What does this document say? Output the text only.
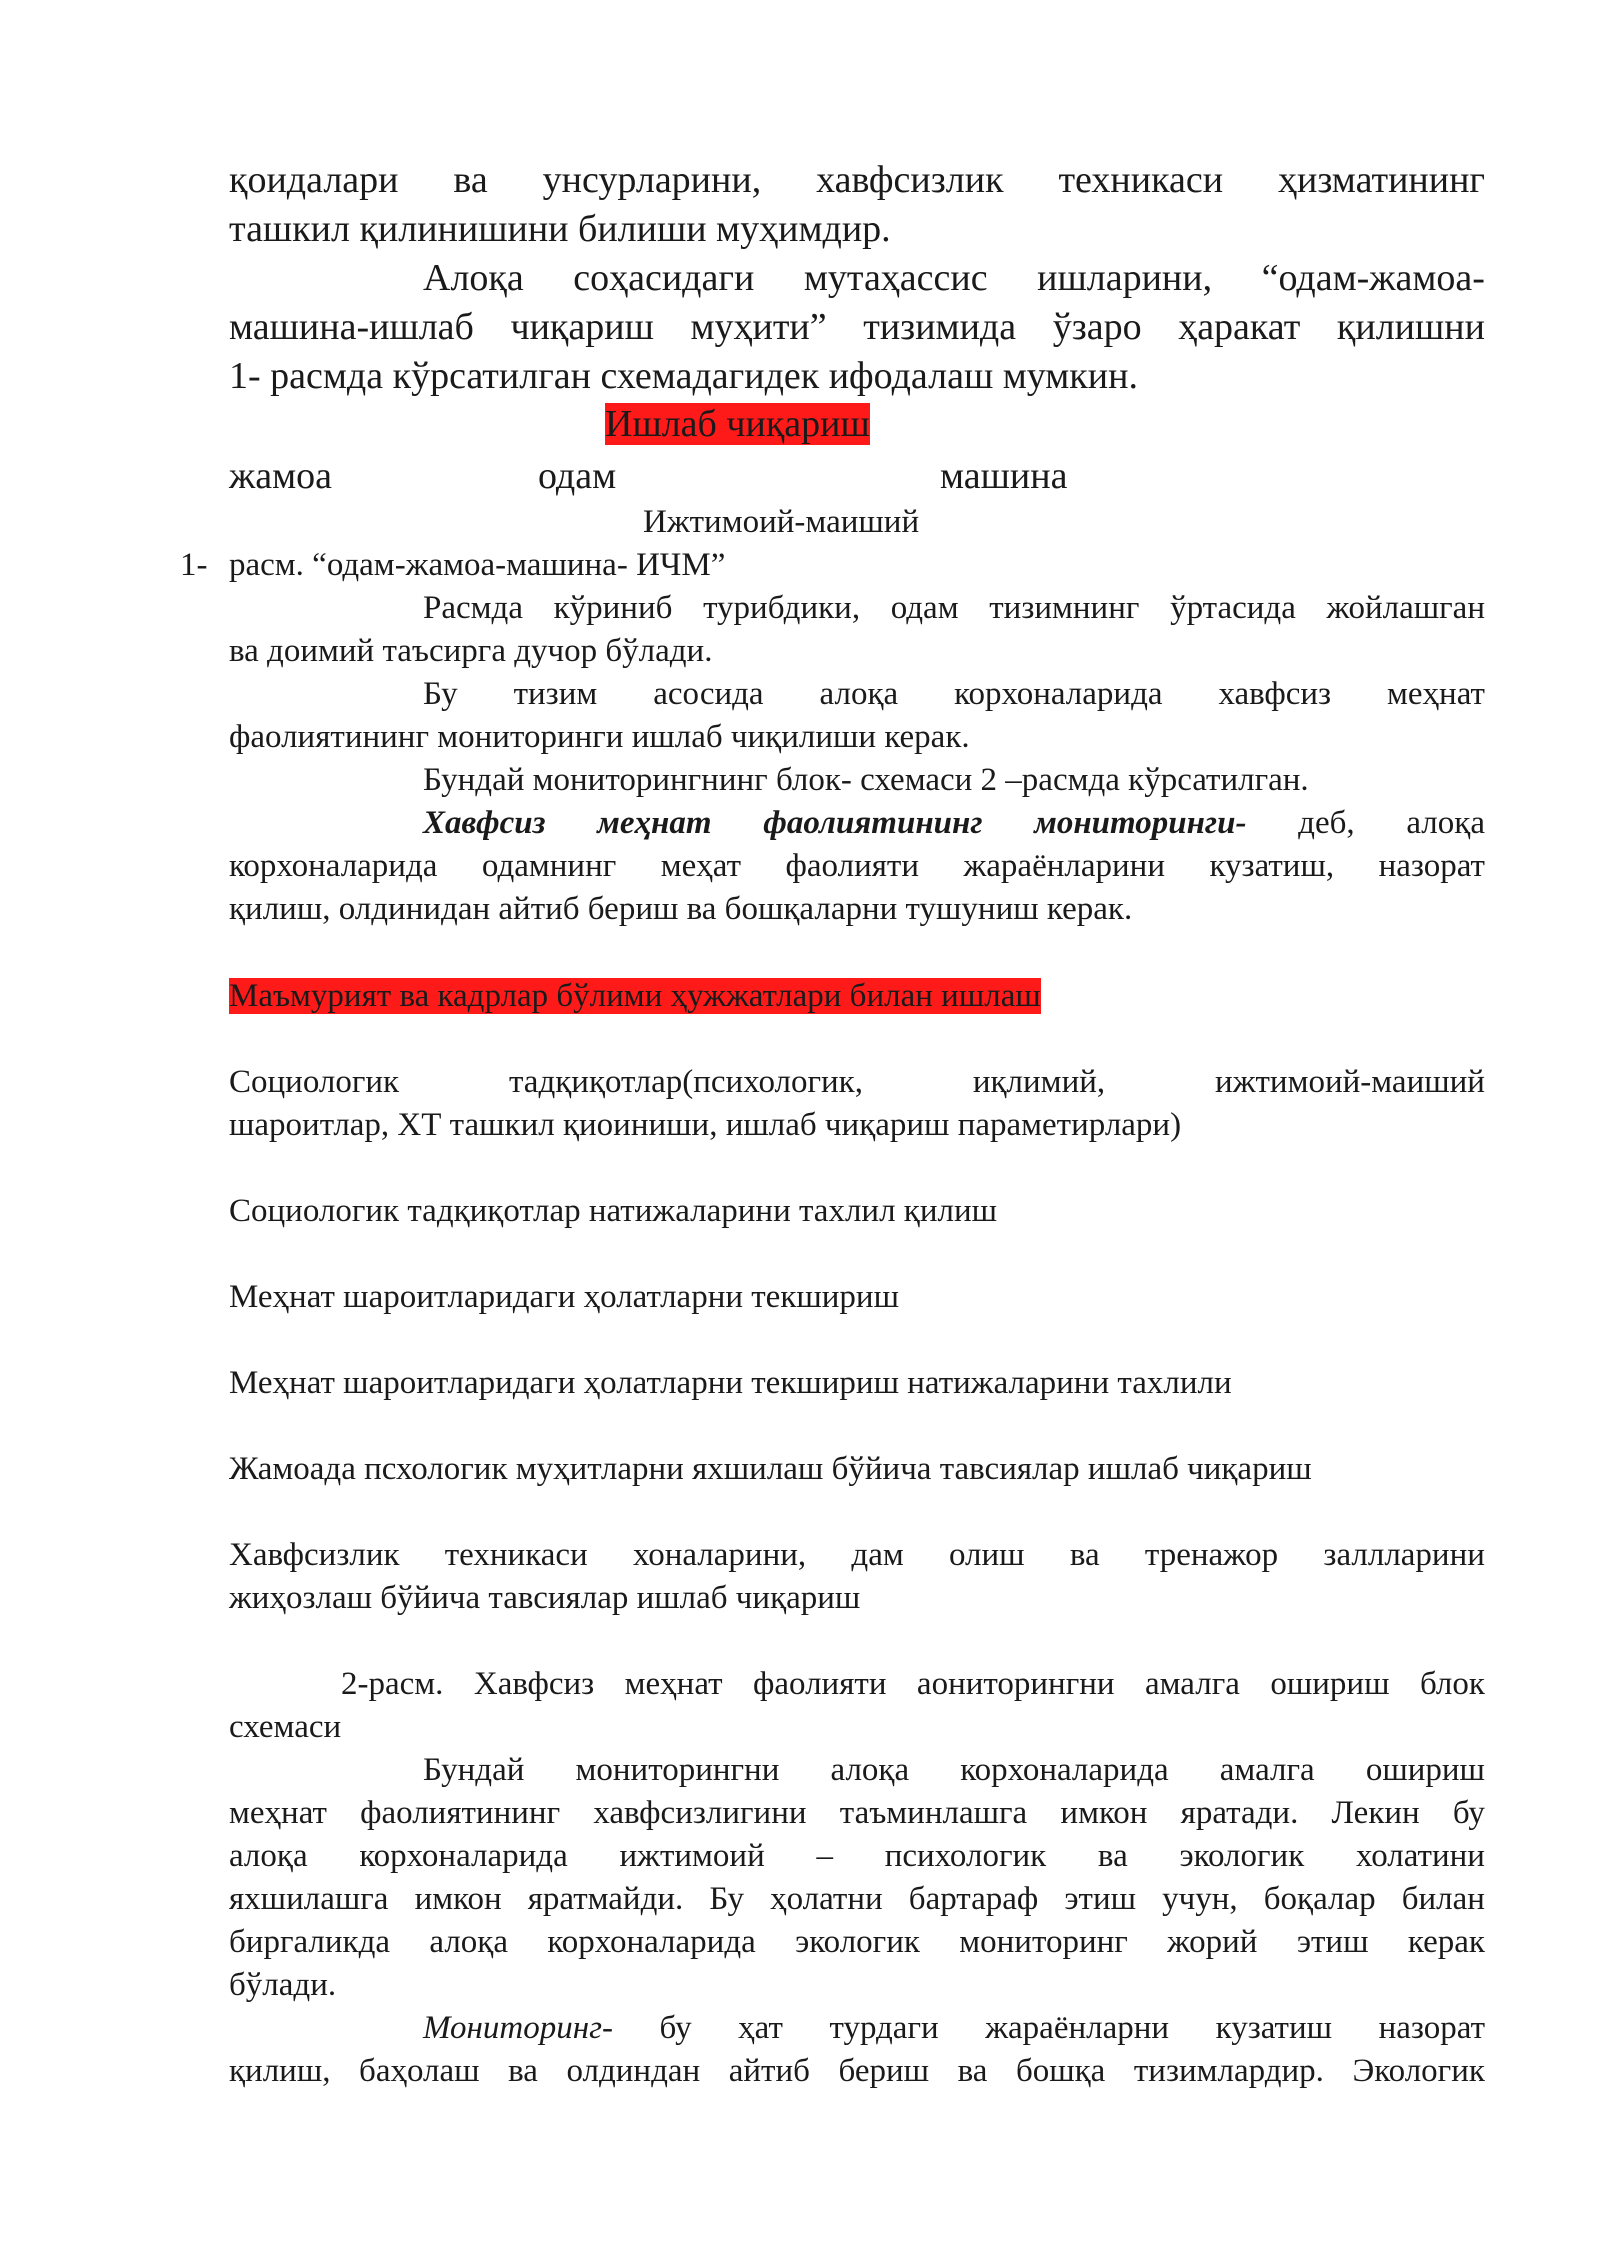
қоидалари ва унсурларини, хавфсизлик техникаси ҳизматининг
ташкил қилинишини билиши муҳимдир.
Алоқа соҳасидаги мутаҳассис ишларини, “одам-жамоа-
машина-ишлаб чиқариш муҳити” тизимида ўзаро ҳаракат қилишни
1- расмда кўрсатилган схемадагидек ифодалаш мумкин.
Ишлаб чиқариш
жамоа	одам	машина
Ижтимоий-маиший
1- расм. “одам-жамоа-машина- ИЧМ”
Расмда кўриниб турибдики, одам тизимнинг ўртасида жойлашган
ва доимий таъсирга дучор бўлади.
Бу тизим асосида алоқа корхоналарида хавфсиз меҳнат
фаолиятининг мониторинги ишлаб чиқилиши керак.
Бундай мониторингнинг блок- схемаси 2 –расмда кўрсатилган.
Хавфсиз меҳнат фаолиятининг мониторинги- деб, алоқа
корхоналарида одамнинг меҳат фаолияти жараёнларини кузатиш, назорат
қилиш, олдинидан айтиб бериш ва бошқаларни тушуниш керак.
Маъмурият ва кадрлар бўлими ҳужжатлари билан ишлаш
Социологик	тадқиқотлар(психологик,	иқлимий,	ижтимоий-маиший
шароитлар, ХТ ташкил қиоиниши, ишлаб чиқариш параметирлари)
Социологик тадқиқотлар натижаларини тахлил қилиш
Меҳнат шароитларидаги ҳолатларни текшириш
Меҳнат шароитларидаги ҳолатларни текшириш натижаларини тахлили
Жамоада псхологик муҳитларни яхшилаш бўйича тавсиялар ишлаб чиқариш
Хавфсизлик техникаси хоналарини, дам олиш ва тренажор заллларини
жиҳозлаш бўйича тавсиялар ишлаб чиқариш
2-расм. Хавфсиз меҳнат фаолияти аониторингни амалга ошириш блок
схемаси
Бундай мониторингни алоқа корхоналарида амалга ошириш
меҳнат фаолиятининг хавфсизлигини таъминлашга имкон яратади. Лекин бу
алоқа корхоналарида ижтимоий – психологик ва экологик холатини
яхшилашга имкон яратмайди. Бу ҳолатни бартараф этиш учун, боқалар билан
биргаликда алоқа корхоналарида экологик мониторинг жорий этиш керак
бўлади.
Мониторинг- бу ҳат турдаги жараёнларни кузатиш назорат
қилиш, баҳолаш ва олдиндан айтиб бериш ва бошқа тизимлардир. Экологик
